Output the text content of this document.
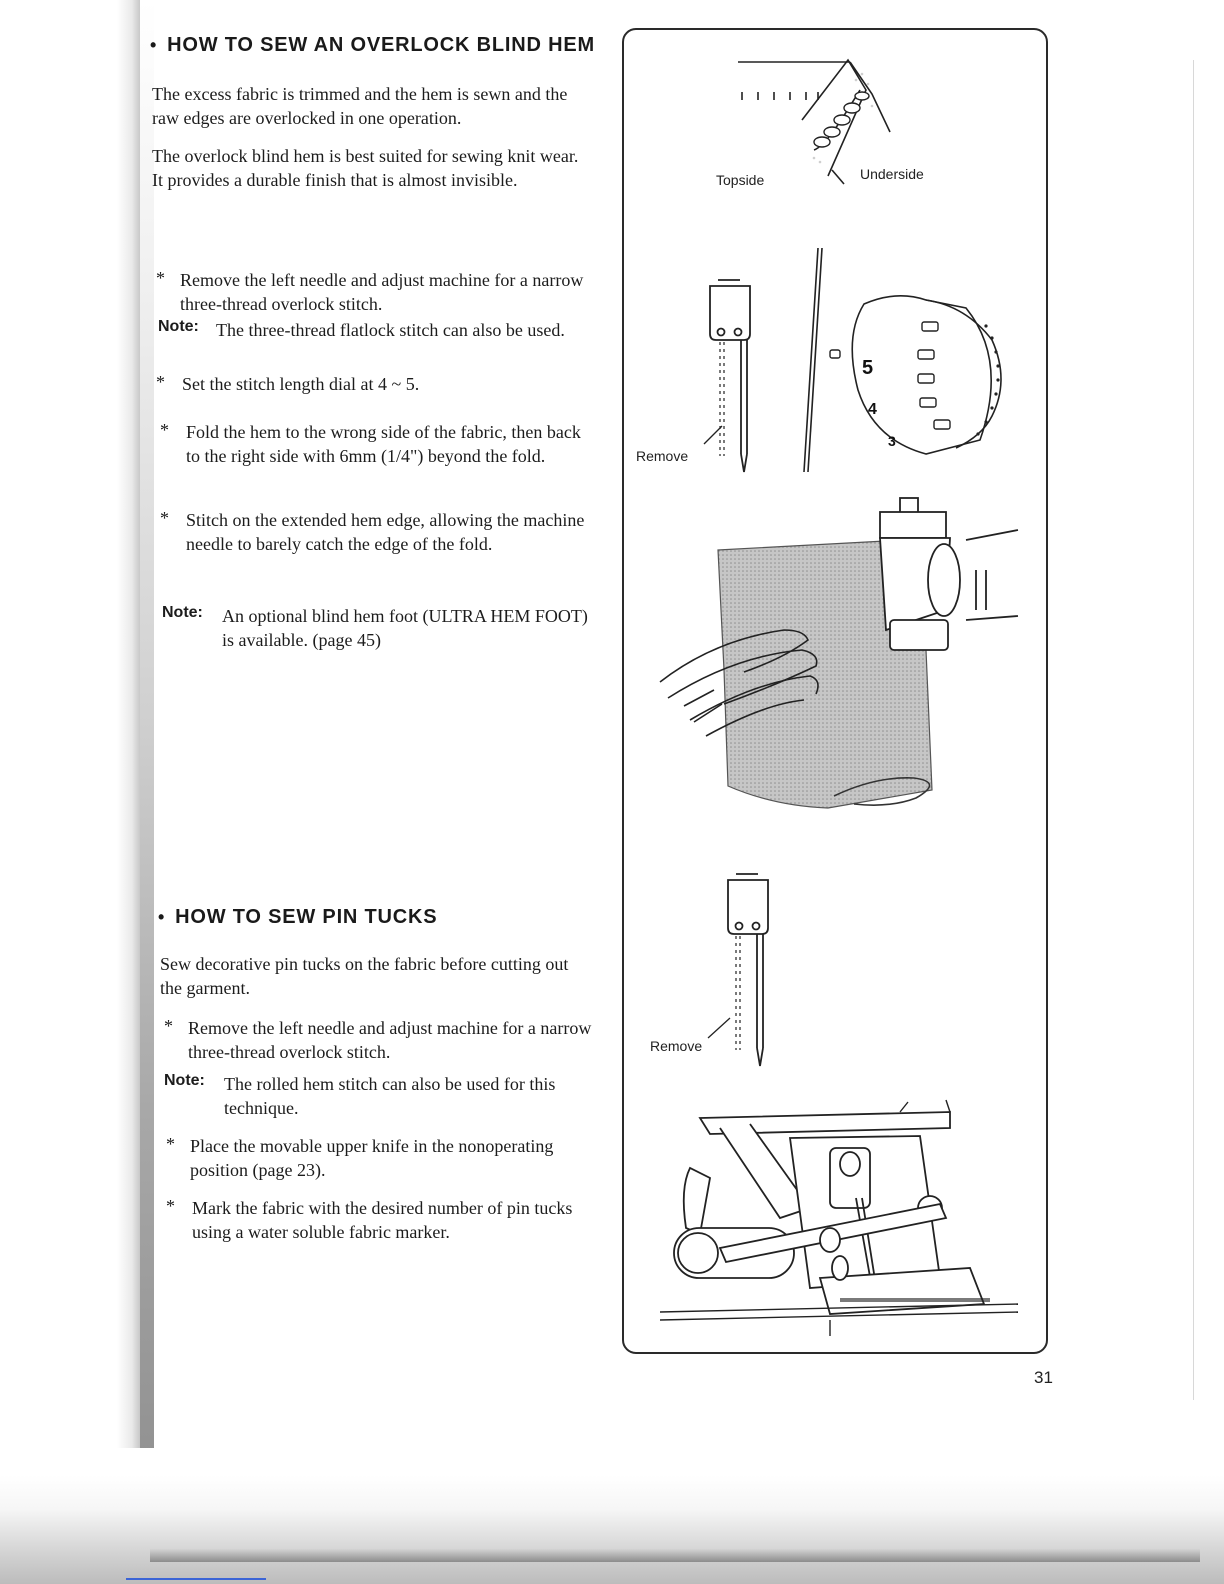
• HOW TO SEW AN OVERLOCK BLIND HEM

The excess fabric is trimmed and the hem is sewn and the raw edges are overlocked in one operation.

The overlock blind hem is best suited for sewing knit wear. It provides a durable finish that is almost invisible.

* Remove the left needle and adjust machine for a narrow three-thread overlock stitch.

Note: The three-thread flatlock stitch can also be used.

* Set the stitch length dial at 4 ~ 5.

* Fold the hem to the wrong side of the fabric, then back to the right side with 6mm (1/4") beyond the fold.

* Stitch on the extended hem edge, allowing the machine needle to barely catch the edge of the fold.

Note: An optional blind hem foot (ULTRA HEM FOOT) is available. (page 45)

• HOW TO SEW PIN TUCKS

Sew decorative pin tucks on the fabric before cutting out the garment.

* Remove the left needle and adjust machine for a narrow three-thread overlock stitch.

Note: The rolled hem stitch can also be used for this technique.

* Place the movable upper knife in the nonoperating position (page 23).

* Mark the fabric with the desired number of pin tucks using a water soluble fabric marker.

Topside	Underside
Remove
5
4
3
Remove
31
